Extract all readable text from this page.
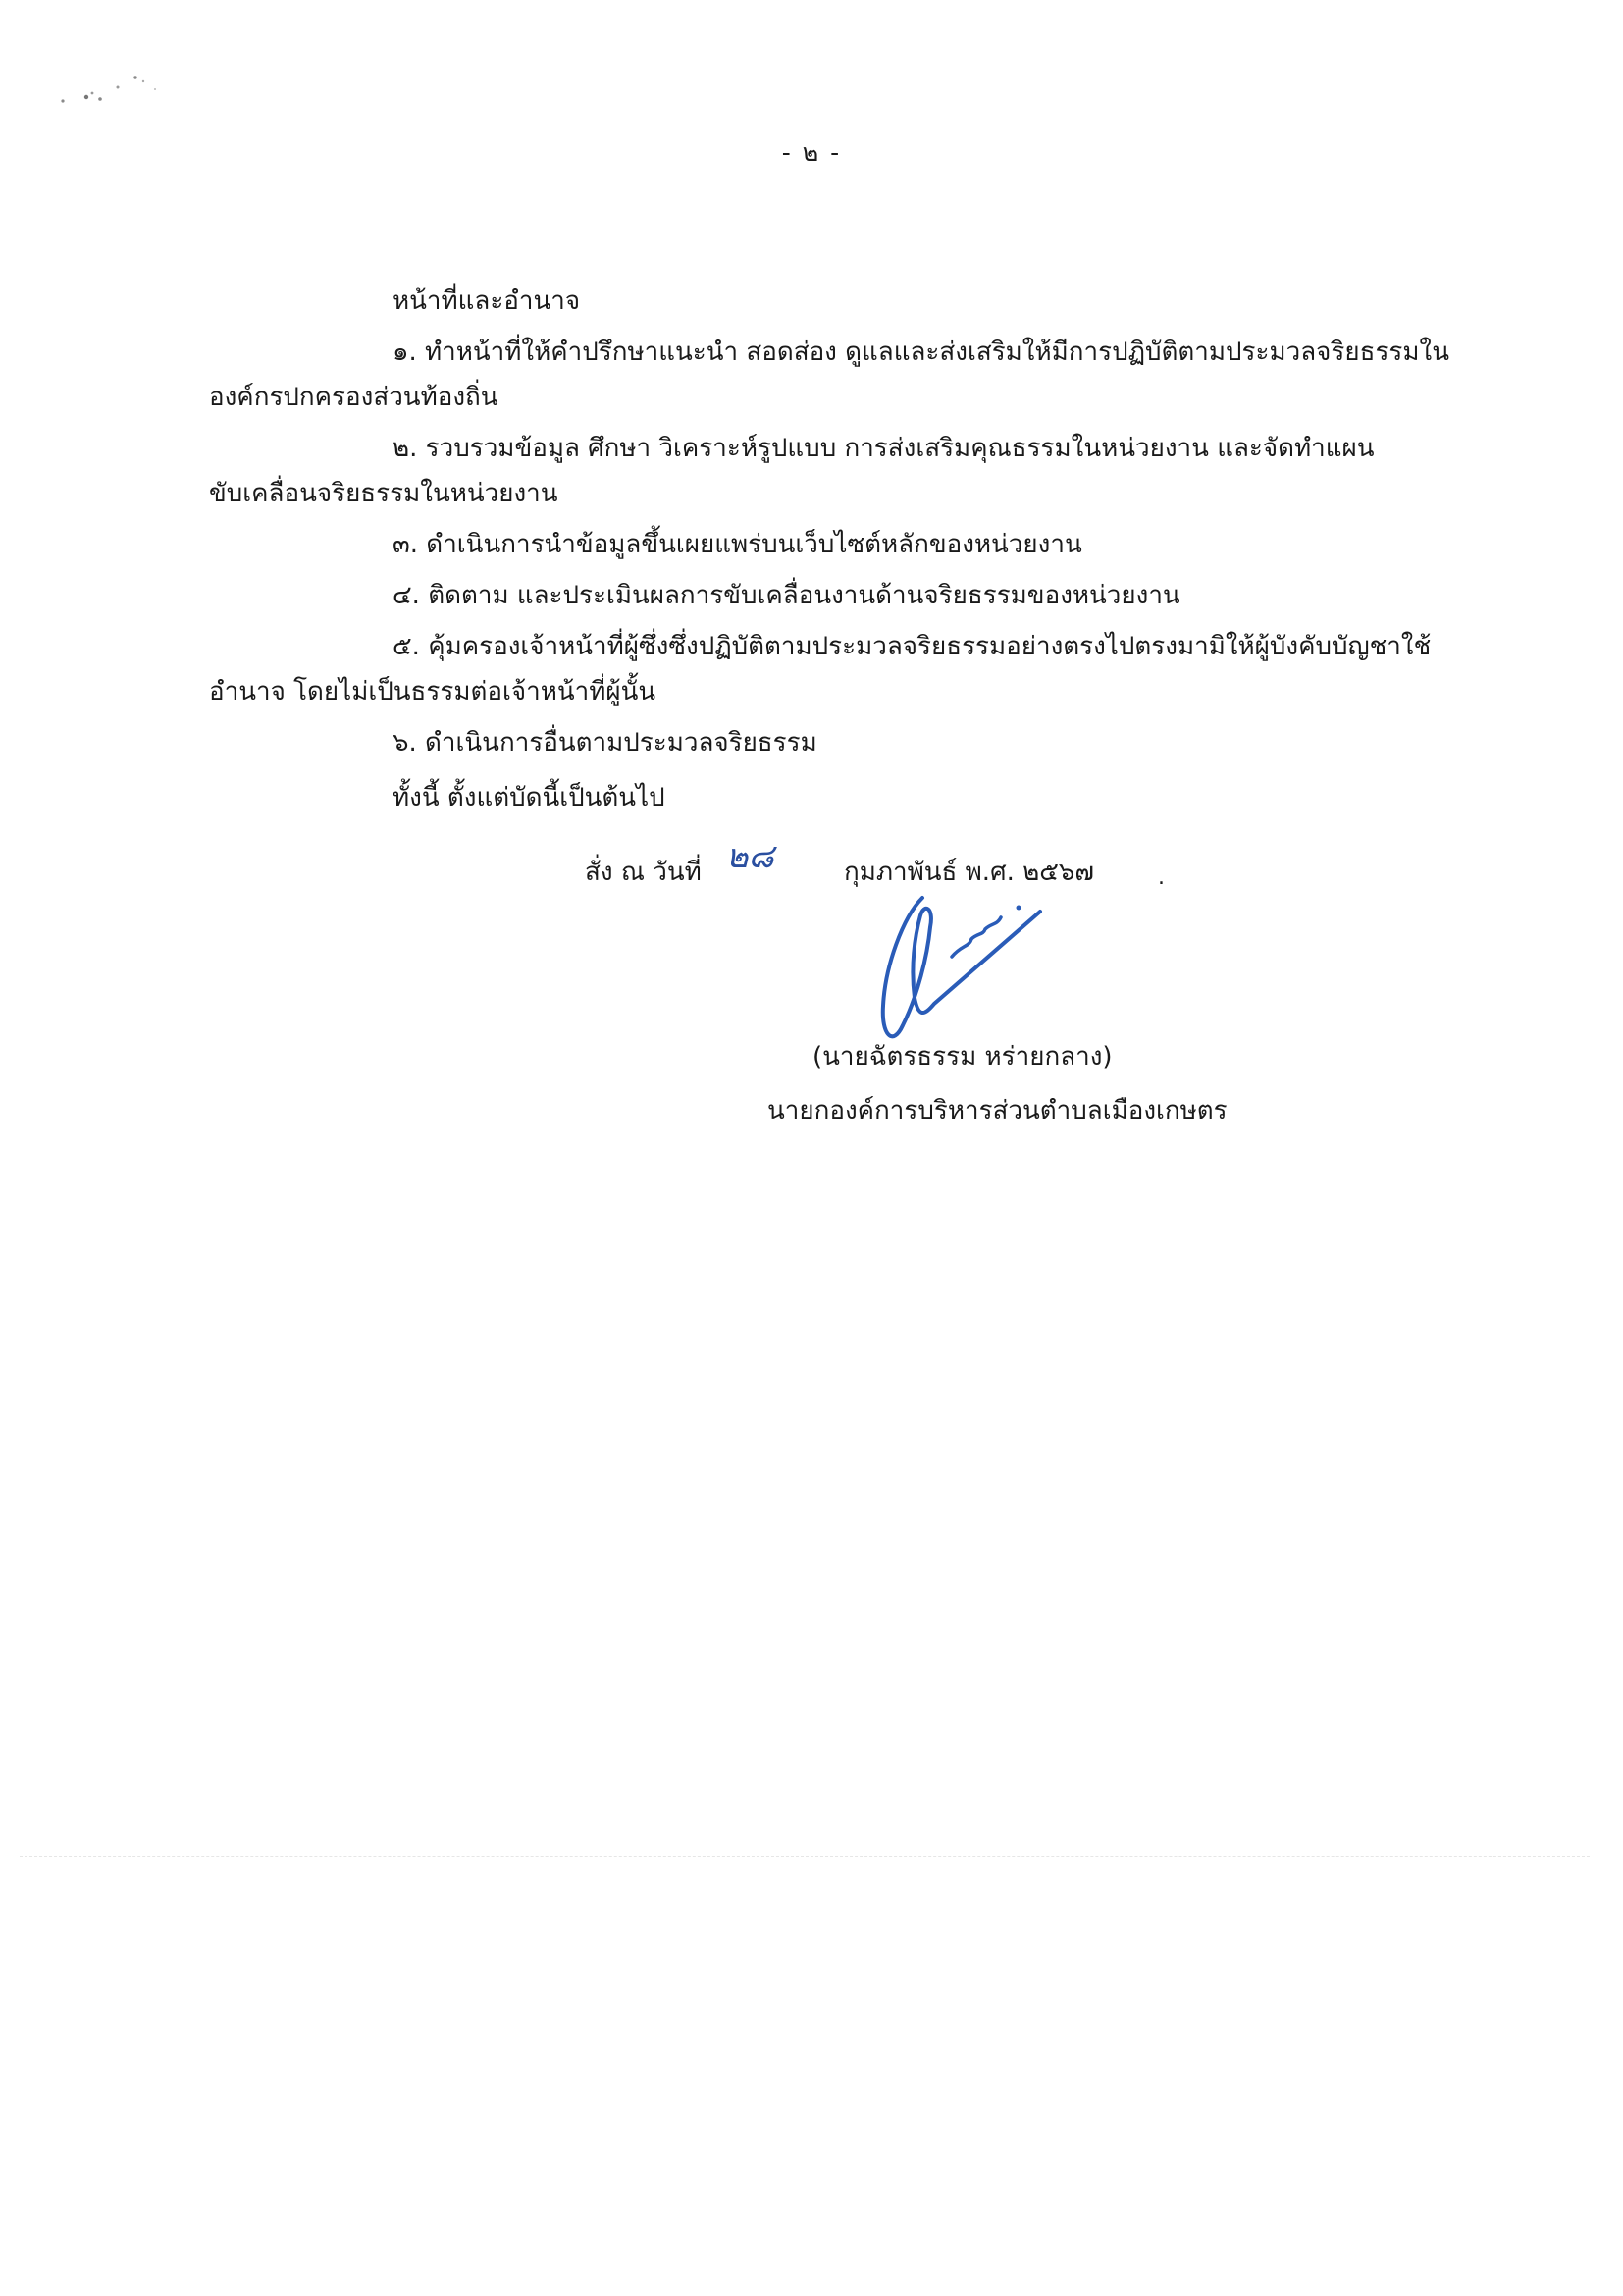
- ๒ -
หน้าที่และอำนาจ
๑. ทำหน้าที่ให้คำปรึกษาแนะนำ สอดส่อง ดูแลและส่งเสริมให้มีการปฏิบัติตามประมวลจริยธรรมใน
องค์กรปกครองส่วนท้องถิ่น
๒. รวบรวมข้อมูล ศึกษา วิเคราะห์รูปแบบ การส่งเสริมคุณธรรมในหน่วยงาน และจัดทำแผน
ขับเคลื่อนจริยธรรมในหน่วยงาน
๓. ดำเนินการนำข้อมูลขึ้นเผยแพร่บนเว็บไซต์หลักของหน่วยงาน
๔. ติดตาม และประเมินผลการขับเคลื่อนงานด้านจริยธรรมของหน่วยงาน
๕. คุ้มครองเจ้าหน้าที่ผู้ซึ่งซึ่งปฏิบัติตามประมวลจริยธรรมอย่างตรงไปตรงมามิให้ผู้บังคับบัญชาใช้
อำนาจ โดยไม่เป็นธรรมต่อเจ้าหน้าที่ผู้นั้น
๖. ดำเนินการอื่นตามประมวลจริยธรรม
ทั้งนี้ ตั้งแต่บัดนี้เป็นต้นไป
สั่ง ณ วันที่ ๒๘	กุมภาพันธ์ พ.ศ. ๒๕๖๗	.
(นายฉัตรธรรม หร่ายกลาง)
นายกองค์การบริหารส่วนตำบลเมืองเกษตร
